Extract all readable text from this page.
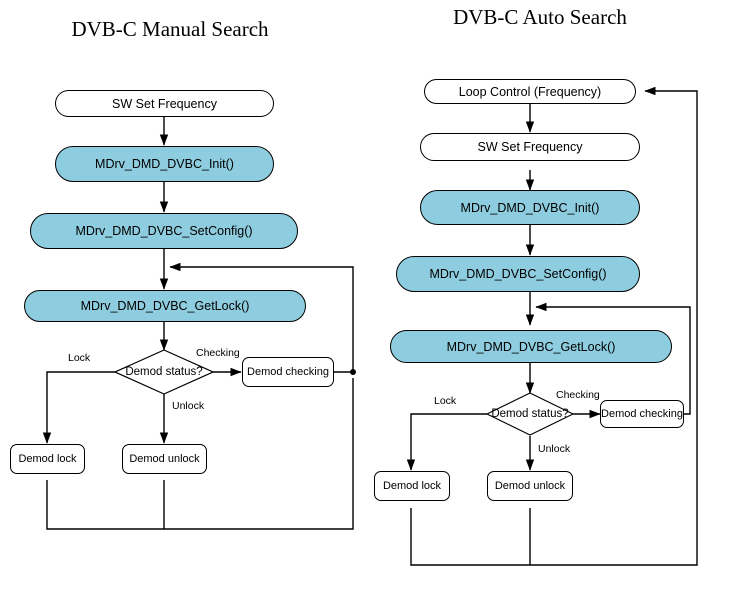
DVB-C Manual Search	DVB-C Auto Search
SW Set Frequency
MDrv_DMD_DVBC_Init()
MDrv_DMD_DVBC_SetConfig()
MDrv_DMD_DVBC_GetLock()
Demod status?	Demod checking
Demod lock	Demod unlock
Lock	Checking
Unlock
Loop Control (Frequency)
SW Set Frequency
MDrv_DMD_DVBC_Init()
MDrv_DMD_DVBC_SetConfig()
MDrv_DMD_DVBC_GetLock()
Demod status?	Demod checking
Demod lock	Demod unlock
Lock	Checking
Unlock
